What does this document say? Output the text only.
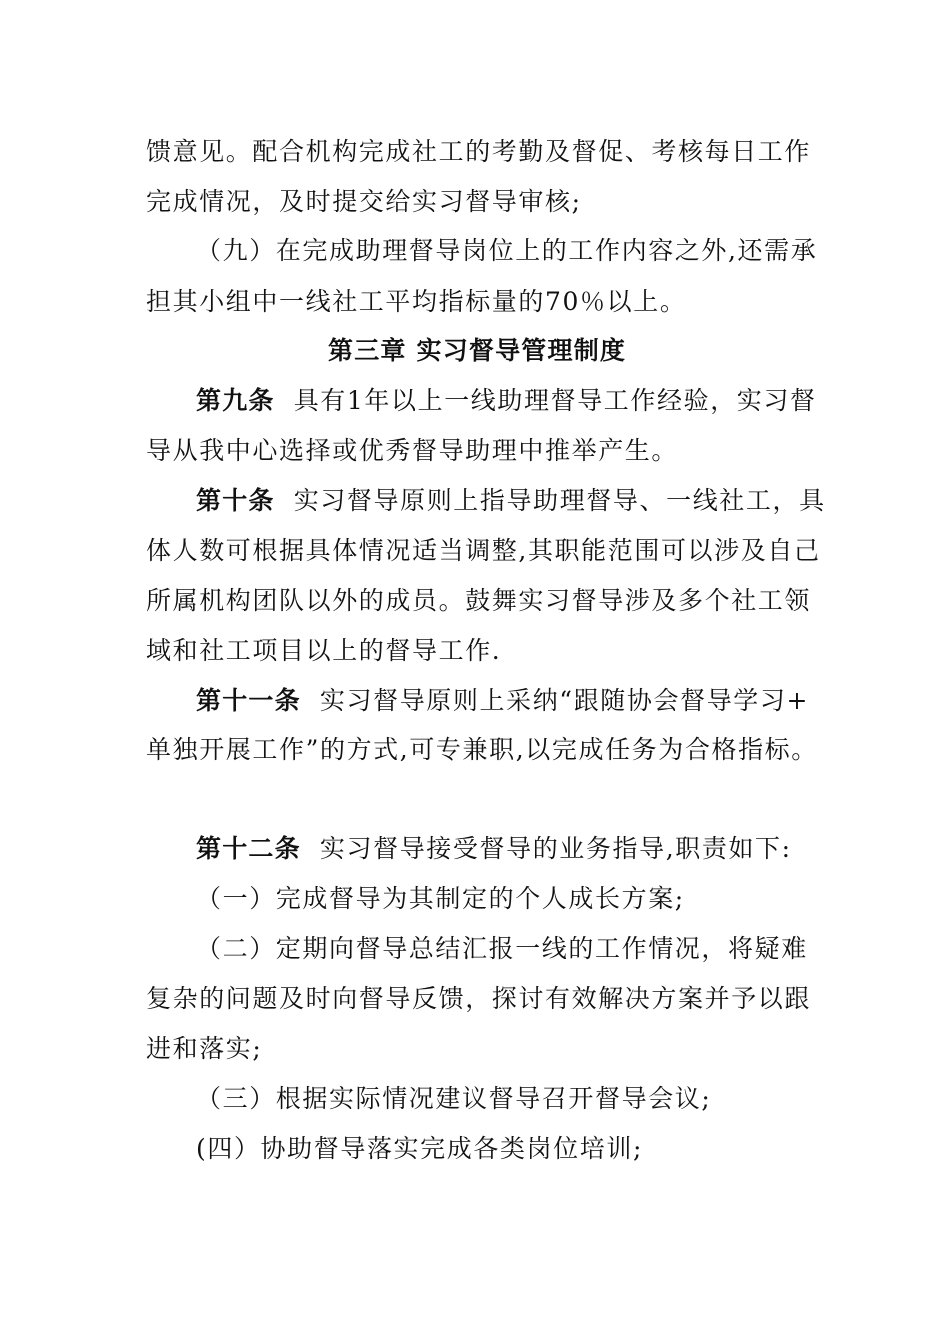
馈意见。配合机构完成社工的考勤及督促、考核每日工作
完成情况，及时提交给实习督导审核;
（九）在完成助理督导岗位上的工作内容之外,还需承
担其小组中一线社工平均指标量的70％以上。
第三章 实习督导管理制度
第九条 具有1年以上一线助理督导工作经验，实习督
导从我中心选择或优秀督导助理中推举产生。
第十条 实习督导原则上指导助理督导、一线社工，具
体人数可根据具体情况适当调整,其职能范围可以涉及自己
所属机构团队以外的成员。鼓舞实习督导涉及多个社工领
域和社工项目以上的督导工作.
第十一条 实习督导原则上采纳“跟随协会督导学习+
单独开展工作”的方式,可专兼职,以完成任务为合格指标。
第十二条 实习督导接受督导的业务指导,职责如下:
（一）完成督导为其制定的个人成长方案;
（二）定期向督导总结汇报一线的工作情况，将疑难
复杂的问题及时向督导反馈，探讨有效解决方案并予以跟
进和落实;
（三）根据实际情况建议督导召开督导会议;
(四）协助督导落实完成各类岗位培训;
